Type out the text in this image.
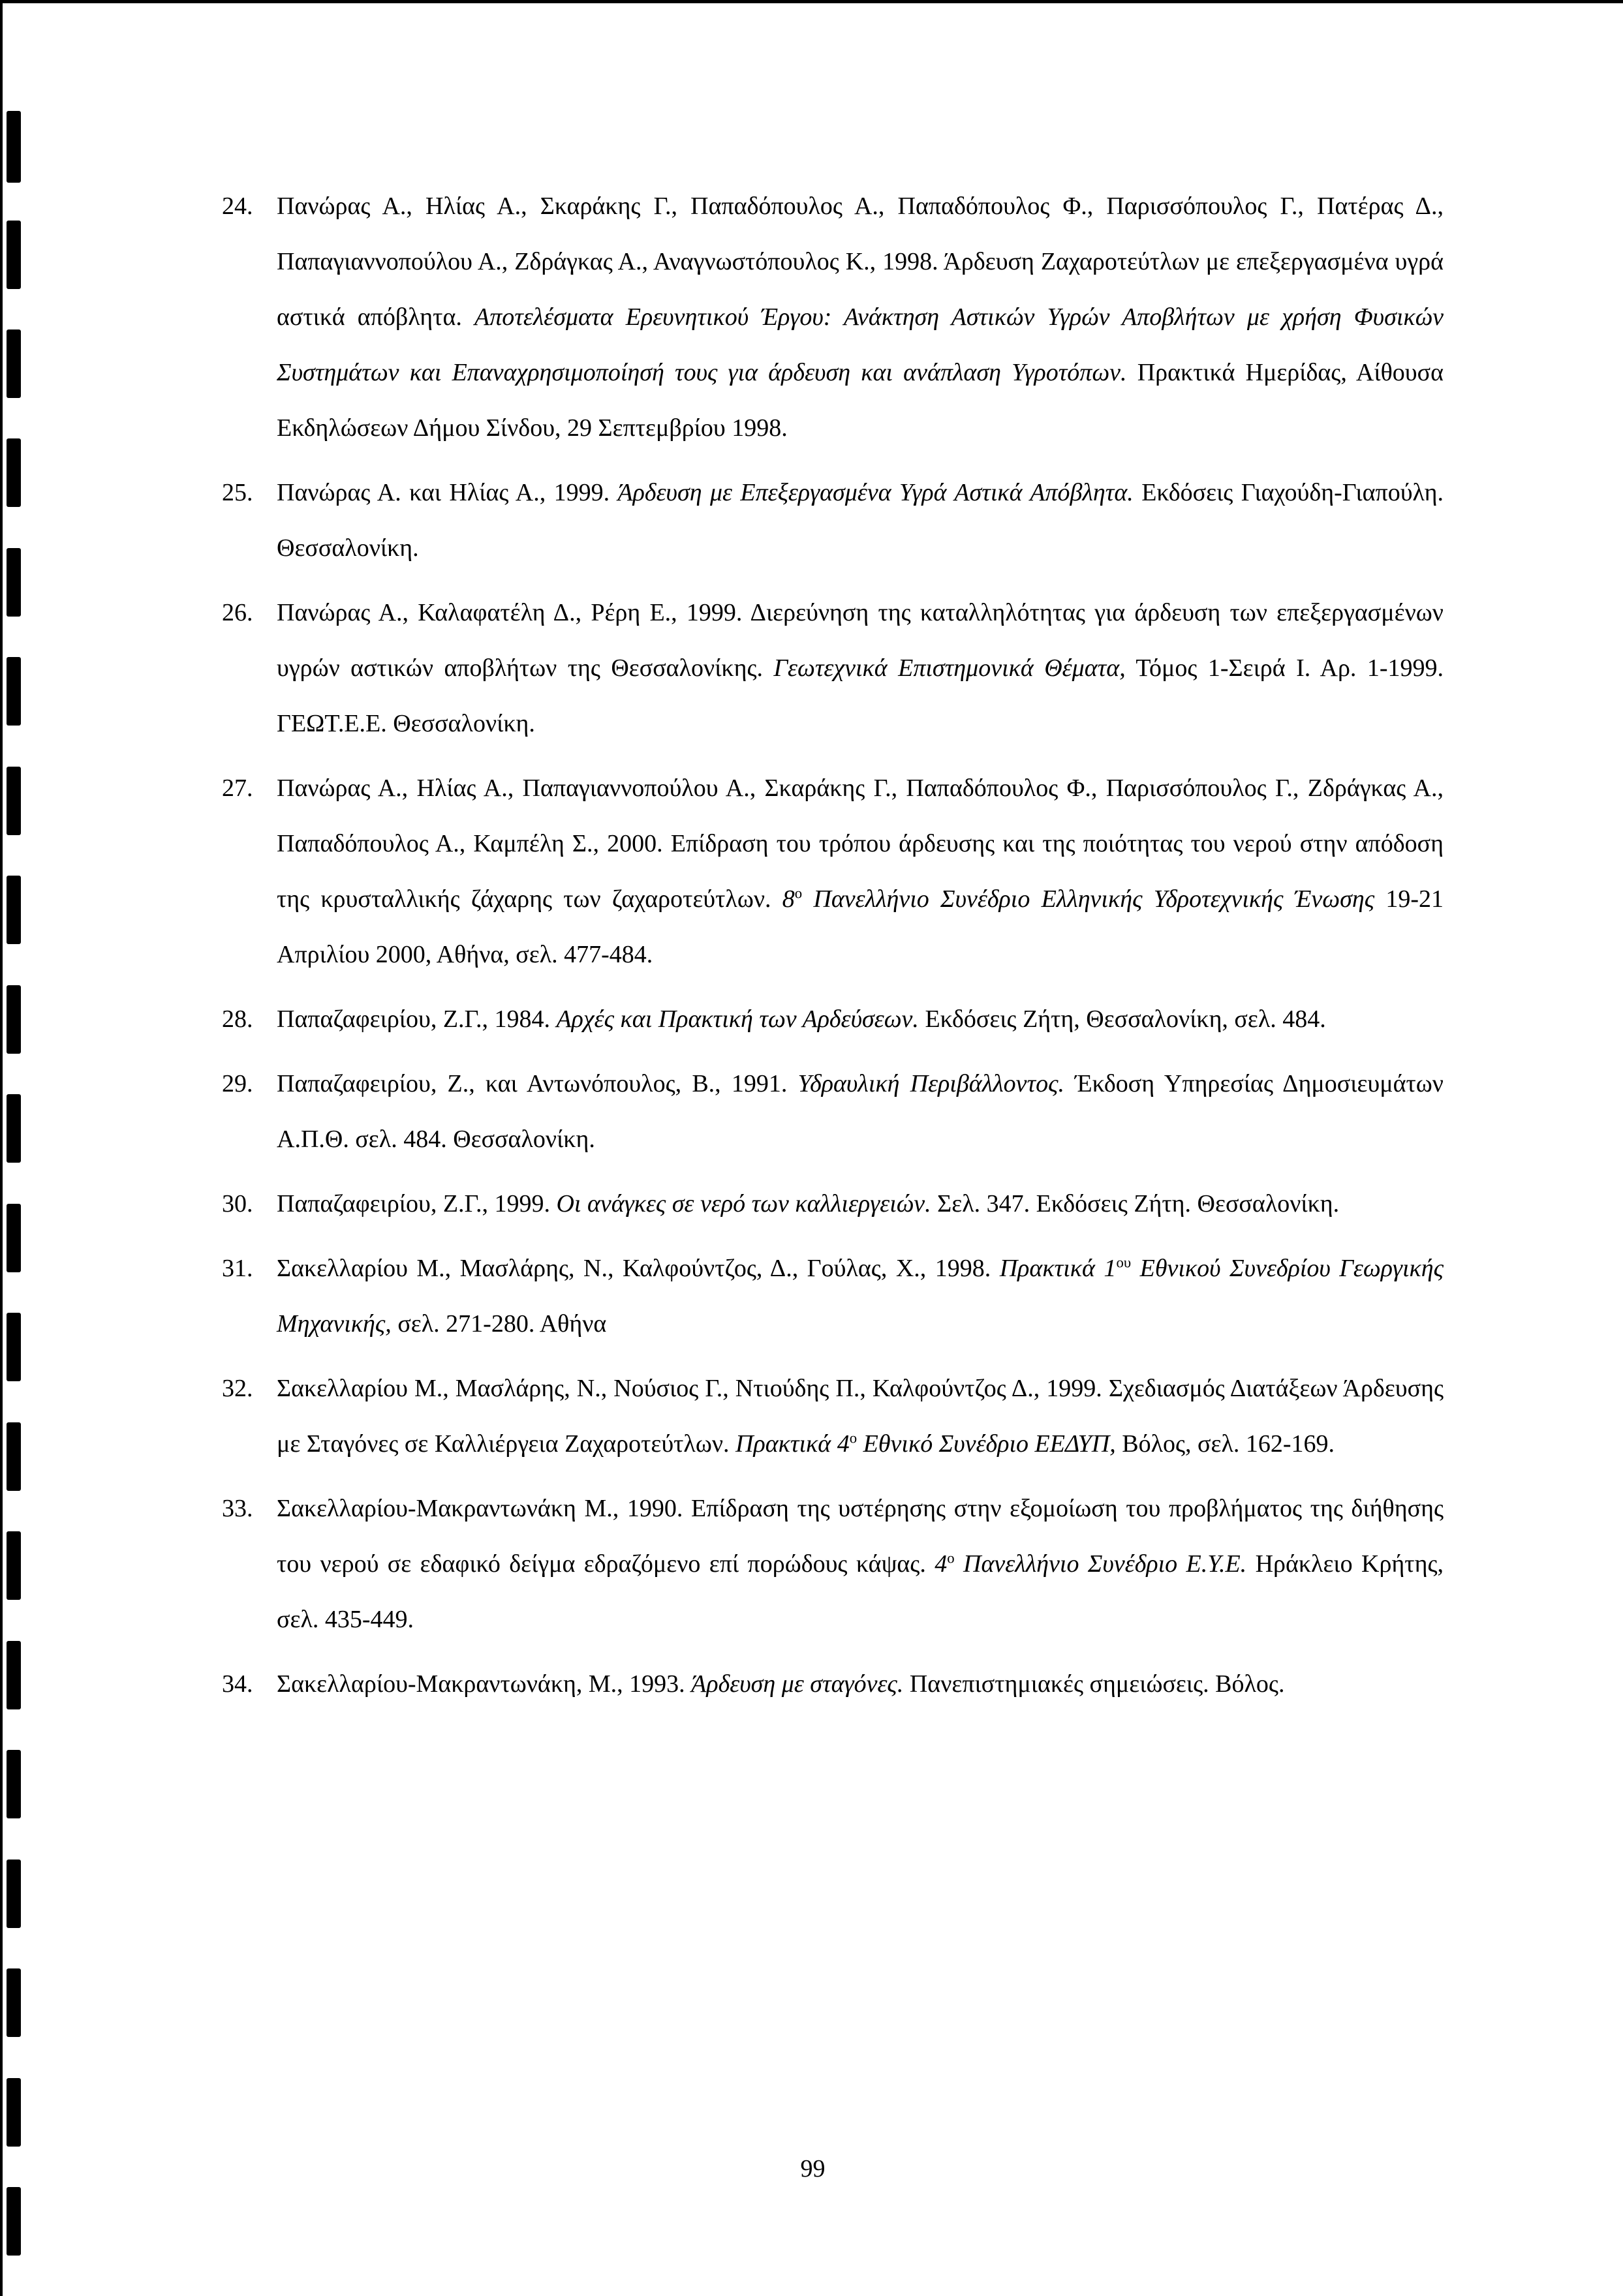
24. Πανώρας Α., Ηλίας Α., Σκαράκης Γ., Παπαδόπουλος Α., Παπαδόπουλος Φ., Παρισσόπουλος Γ., Πατέρας Δ., Παπαγιαννοπούλου Α., Ζδράγκας Α., Αναγνωστόπουλος Κ., 1998. Άρδευση Ζαχαροτεύτλων με επεξεργασμένα υγρά αστικά απόβλητα. Αποτελέσματα Ερευνητικού Έργου: Ανάκτηση Αστικών Υγρών Αποβλήτων με χρήση Φυσικών Συστημάτων και Επαναχρησιμοποίησή τους για άρδευση και ανάπλαση Υγροτόπων. Πρακτικά Ημερίδας, Αίθουσα Εκδηλώσεων Δήμου Σίνδου, 29 Σεπτεμβρίου 1998.
25. Πανώρας Α. και Ηλίας Α., 1999. Άρδευση με Επεξεργασμένα Υγρά Αστικά Απόβλητα. Εκδόσεις Γιαχούδη-Γιαπούλη. Θεσσαλονίκη.
26. Πανώρας Α., Καλαφατέλη Δ., Ρέρη Ε., 1999. Διερεύνηση της καταλληλότητας για άρδευση των επεξεργασμένων υγρών αστικών αποβλήτων της Θεσσαλονίκης. Γεωτεχνικά Επιστημονικά Θέματα, Τόμος 1-Σειρά Ι. Αρ. 1-1999. ΓΕΩΤ.Ε.Ε. Θεσσαλονίκη.
27. Πανώρας Α., Ηλίας Α., Παπαγιαννοπούλου Α., Σκαράκης Γ., Παπαδόπουλος Φ., Παρισσόπουλος Γ., Ζδράγκας Α., Παπαδόπουλος Α., Καμπέλη Σ., 2000. Επίδραση του τρόπου άρδευσης και της ποιότητας του νερού στην απόδοση της κρυσταλλικής ζάχαρης των ζαχαροτεύτλων. $8^o$ Πανελλήνιο Συνέδριο Ελληνικής Υδροτεχνικής Ένωσης 19-21 Απριλίου 2000, Αθήνα, σελ. 477-484.
28. Παπαζαφειρίου, Ζ.Γ., 1984. Αρχές και Πρακτική των Αρδεύσεων. Εκδόσεις Ζήτη, Θεσσαλονίκη, σελ. 484.
29. Παπαζαφειρίου, Ζ., και Αντωνόπουλος, Β., 1991. Υδραυλική Περιβάλλοντος. Έκδοση Υπηρεσίας Δημοσιευμάτων Α.Π.Θ. σελ. 484. Θεσσαλονίκη.
30. Παπαζαφειρίου, Ζ.Γ., 1999. Οι ανάγκες σε νερό των καλλιεργειών. Σελ. 347. Εκδόσεις Ζήτη. Θεσσαλονίκη.
31. Σακελλαρίου Μ., Μασλάρης, Ν., Καλφούντζος, Δ., Γούλας, Χ., 1998. Πρακτικά $1^{o\upsilon}$ Εθνικού Συνεδρίου Γεωργικής Μηχανικής, σελ. 271-280. Αθήνα
32. Σακελλαρίου Μ., Μασλάρης, Ν., Νούσιος Γ., Ντιούδης Π., Καλφούντζος Δ., 1999. Σχεδιασμός Διατάξεων Άρδευσης με Σταγόνες σε Καλλιέργεια Ζαχαροτεύτλων. Πρακτικά $4^o$ Εθνικό Συνέδριο ΕΕΔΥΠ, Βόλος, σελ. 162-169.
33. Σακελλαρίου-Μακραντωνάκη Μ., 1990. Επίδραση της υστέρησης στην εξομοίωση του προβλήματος της διήθησης του νερού σε εδαφικό δείγμα εδραζόμενο επί πορώδους κάψας. $4^o$ Πανελλήνιο Συνέδριο Ε.Υ.Ε. Ηράκλειο Κρήτης, σελ. 435-449.
34. Σακελλαρίου-Μακραντωνάκη, Μ., 1993. Άρδευση με σταγόνες. Πανεπιστημιακές σημειώσεις. Βόλος.
99
